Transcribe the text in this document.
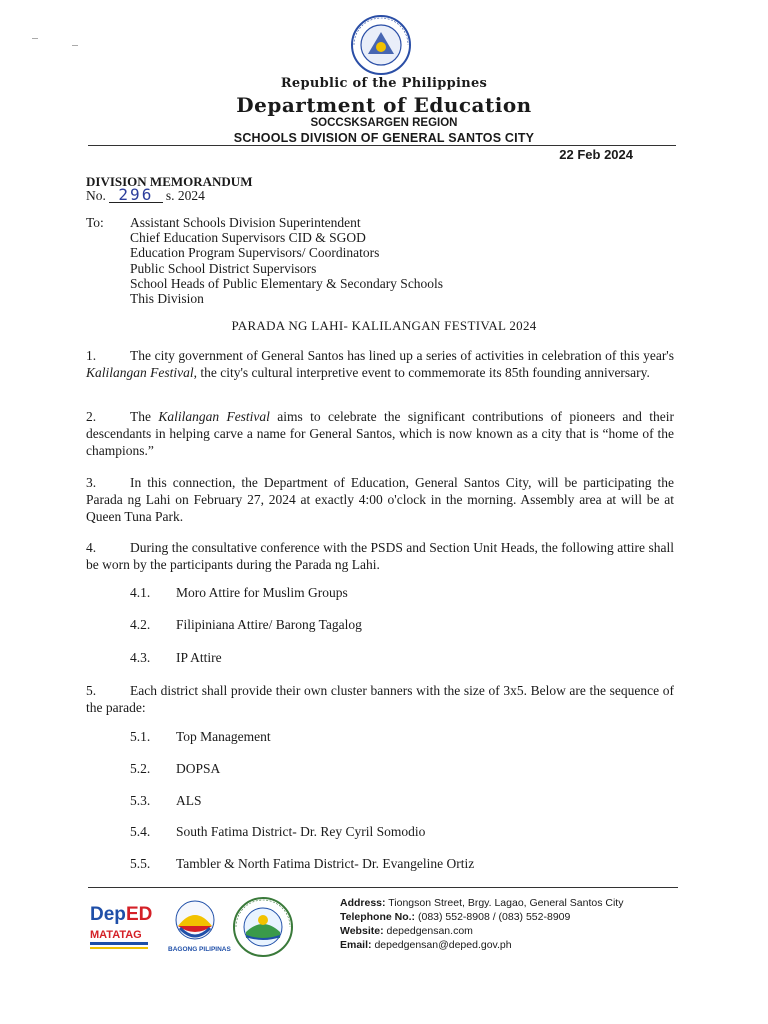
Republic of the Philippines
Department of Education
SOCCSKSARGEN REGION
SCHOOLS DIVISION OF GENERAL SANTOS CITY
22 Feb 2024
DIVISION MEMORANDUM
No. 296 s. 2024
To: Assistant Schools Division Superintendent
Chief Education Supervisors CID & SGOD
Education Program Supervisors/ Coordinators
Public School District Supervisors
School Heads of Public Elementary & Secondary Schools
This Division
PARADA NG LAHI- KALILANGAN FESTIVAL 2024
1.	The city government of General Santos has lined up a series of activities in celebration of this year's Kalilangan Festival, the city's cultural interpretive event to commemorate its 85th founding anniversary.
2.	The Kalilangan Festival aims to celebrate the significant contributions of pioneers and their descendants in helping carve a name for General Santos, which is now known as a city that is “home of the champions.”
3.	In this connection, the Department of Education, General Santos City, will be participating the Parada ng Lahi on February 27, 2024 at exactly 4:00 o'clock in the morning. Assembly area at will be at Queen Tuna Park.
4.	During the consultative conference with the PSDS and Section Unit Heads, the following attire shall be worn by the participants during the Parada ng Lahi.
4.1. Moro Attire for Muslim Groups
4.2. Filipiniana Attire/ Barong Tagalog
4.3. IP Attire
5.	Each district shall provide their own cluster banners with the size of 3x5. Below are the sequence of the parade:
5.1. Top Management
5.2. DOPSA
5.3. ALS
5.4. South Fatima District- Dr. Rey Cyril Somodio
5.5. Tambler & North Fatima District- Dr. Evangeline Ortiz
Dep ED
MATATAG
BAGONG PILIPINAS
Address: Tiongson Street, Brgy. Lagao, General Santos City
Telephone No.: (083) 552-8908 / (083) 552-8909
Website: depedgensan.com
Email: depedgensan@deped.gov.ph
